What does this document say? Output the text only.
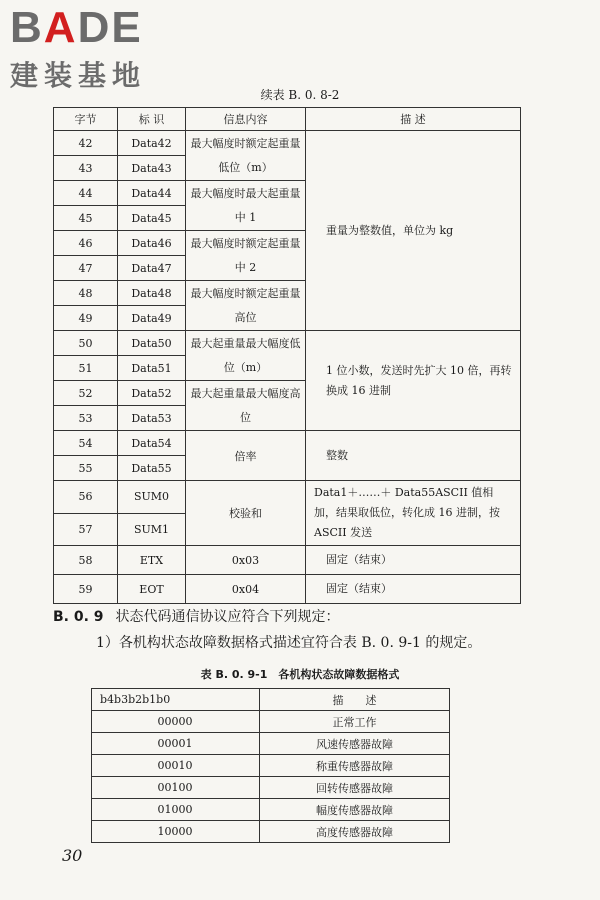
BADE
建装基地
续表 B. 0. 8-2
字节	标 识	信息内容	描 述
42	Data42	最大幅度时额定起重量低位（m）	重量为整数值，单位为 kg
43	Data43		
44	Data44	最大幅度时最大起重量中 1	
45	Data45		
46	Data46	最大幅度时额定起重量中 2	
47	Data47		
48	Data48	最大幅度时额定起重量高位	
49	Data49		
50	Data50	最大起重量最大幅度低位（m）	1 位小数，发送时先扩大 10 倍，再转换成 16 进制
51	Data51		
52	Data52	最大起重量最大幅度高位	
53	Data53		
54	Data54	倍率	整数
55	Data55		
56	SUM0	校验和	Data1＋……＋ Data55ASCII 值相加，结果取低位，转化成 16 进制，按 ASCII 发送
57	SUM1		
58	ETX	0x03	固定（结束）
59	EOT	0x04	固定（结束）
B. 0. 9 状态代码通信协议应符合下列规定：
1）各机构状态故障数据格式描述宜符合表 B. 0. 9-1 的规定。
表 B. 0. 9-1　各机构状态故障数据格式
b4b3b2b1b0	描　　述
00000	正常工作
00001	风速传感器故障
00010	称重传感器故障
00100	回转传感器故障
01000	幅度传感器故障
10000	高度传感器故障
30
